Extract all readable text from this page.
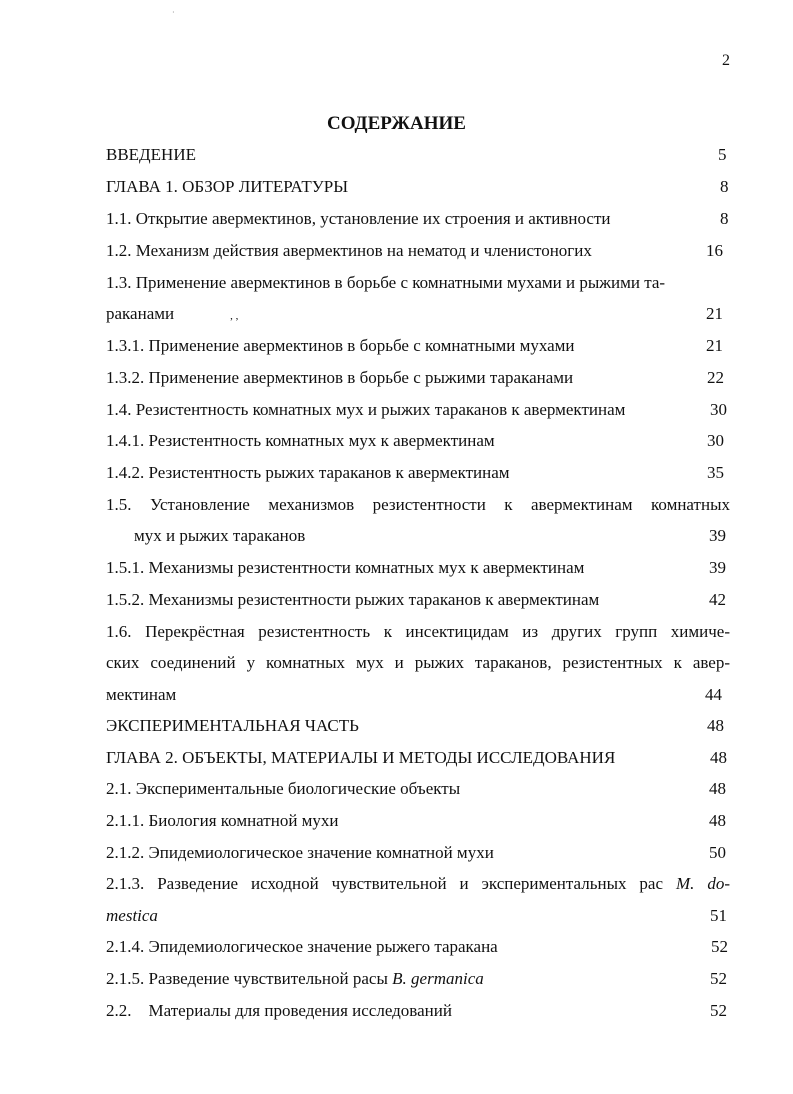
·
2
СОДЕРЖАНИЕ
ВВЕДЕНИЕ	5
ГЛАВА 1. ОБЗОР ЛИТЕРАТУРЫ	8
1.1. Открытие авермектинов, установление их строения и активности	8
1.2. Механизм действия авермектинов на нематод и членистоногих	16
1.3. Применение авермектинов в борьбе с комнатными мухами и рыжими та-
раканами	, ,	21
1.3.1. Применение авермектинов в борьбе с комнатными мухами	21
1.3.2. Применение авермектинов в борьбе с рыжими тараканами	22
1.4. Резистентность комнатных мух и рыжих тараканов к авермектинам	30
1.4.1. Резистентность комнатных мух к авермектинам	30
1.4.2. Резистентность рыжих тараканов к авермектинам	35
1.5. Установление механизмов резистентности к авермектинам комнатных
мух и рыжих тараканов	39
1.5.1. Механизмы резистентности комнатных мух к авермектинам	39
1.5.2. Механизмы резистентности рыжих тараканов к авермектинам	42
1.6. Перекрёстная резистентность к инсектицидам из других групп химиче-
ских соединений у комнатных мух и рыжих тараканов, резистентных к авер-
мектинам	44
ЭКСПЕРИМЕНТАЛЬНАЯ ЧАСТЬ	48
ГЛАВА 2. ОБЪЕКТЫ, МАТЕРИАЛЫ И МЕТОДЫ ИССЛЕДОВАНИЯ	48
2.1. Экспериментальные биологические объекты	48
2.1.1. Биология комнатной мухи	48
2.1.2. Эпидемиологическое значение комнатной мухи	50
2.1.3. Разведение исходной чувствительной и экспериментальных рас M. do-
mestica	51
2.1.4. Эпидемиологическое значение рыжего таракана	52
2.1.5. Разведение чувствительной расы B. germanica	52
2.2.    Материалы для проведения исследований	52
